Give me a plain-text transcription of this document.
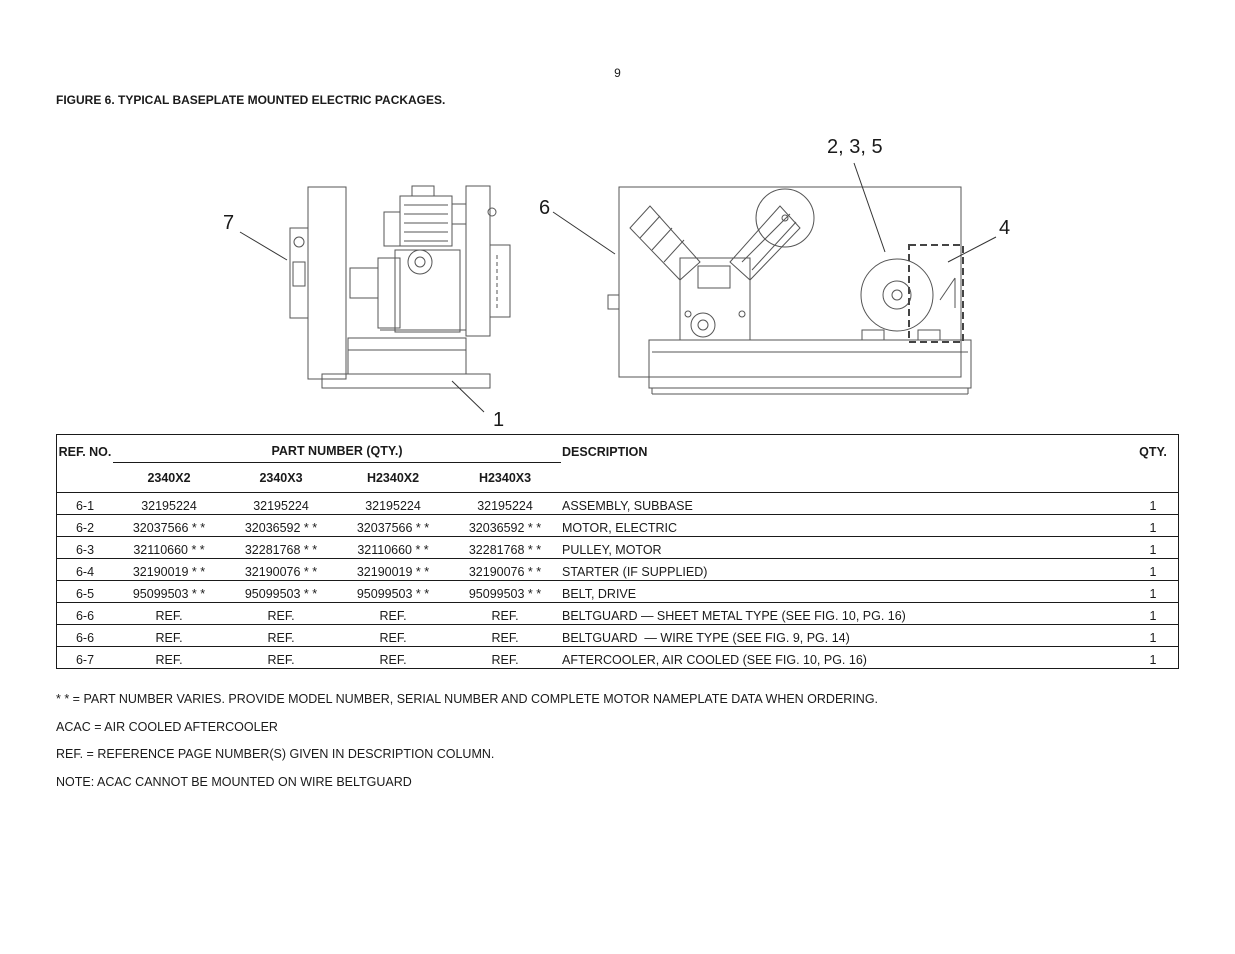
9
FIGURE 6. TYPICAL BASEPLATE MOUNTED ELECTRIC PACKAGES.
7
6
2, 3, 5
4
1
REF. NO.	PART NUMBER (QTY.)				DESCRIPTION	QTY.
	2340X2	2340X3	H2340X2	H2340X3		
6-1	32195224	32195224	32195224	32195224	ASSEMBLY, SUBBASE	1
6-2	32037566 * *	32036592 * *	32037566 * *	32036592 * *	MOTOR, ELECTRIC	1
6-3	32110660 * *	32281768 * *	32110660 * *	32281768 * *	PULLEY, MOTOR	1
6-4	32190019 * *	32190076 * *	32190019 * *	32190076 * *	STARTER (IF SUPPLIED)	1
6-5	95099503 * *	95099503 * *	95099503 * *	95099503 * *	BELT, DRIVE	1
6-6	REF.	REF.	REF.	REF.	BELTGUARD — SHEET METAL TYPE (SEE FIG. 10, PG. 16)	1
6-6	REF.	REF.	REF.	REF.	BELTGUARD  — WIRE TYPE (SEE FIG. 9, PG. 14)	1
6-7	REF.	REF.	REF.	REF.	AFTERCOOLER, AIR COOLED (SEE FIG. 10, PG. 16)	1

* * = PART NUMBER VARIES. PROVIDE MODEL NUMBER, SERIAL NUMBER AND COMPLETE MOTOR NAMEPLATE DATA WHEN ORDERING.

ACAC = AIR COOLED AFTERCOOLER

REF. = REFERENCE PAGE NUMBER(S) GIVEN IN DESCRIPTION COLUMN.

NOTE: ACAC CANNOT BE MOUNTED ON WIRE BELTGUARD
